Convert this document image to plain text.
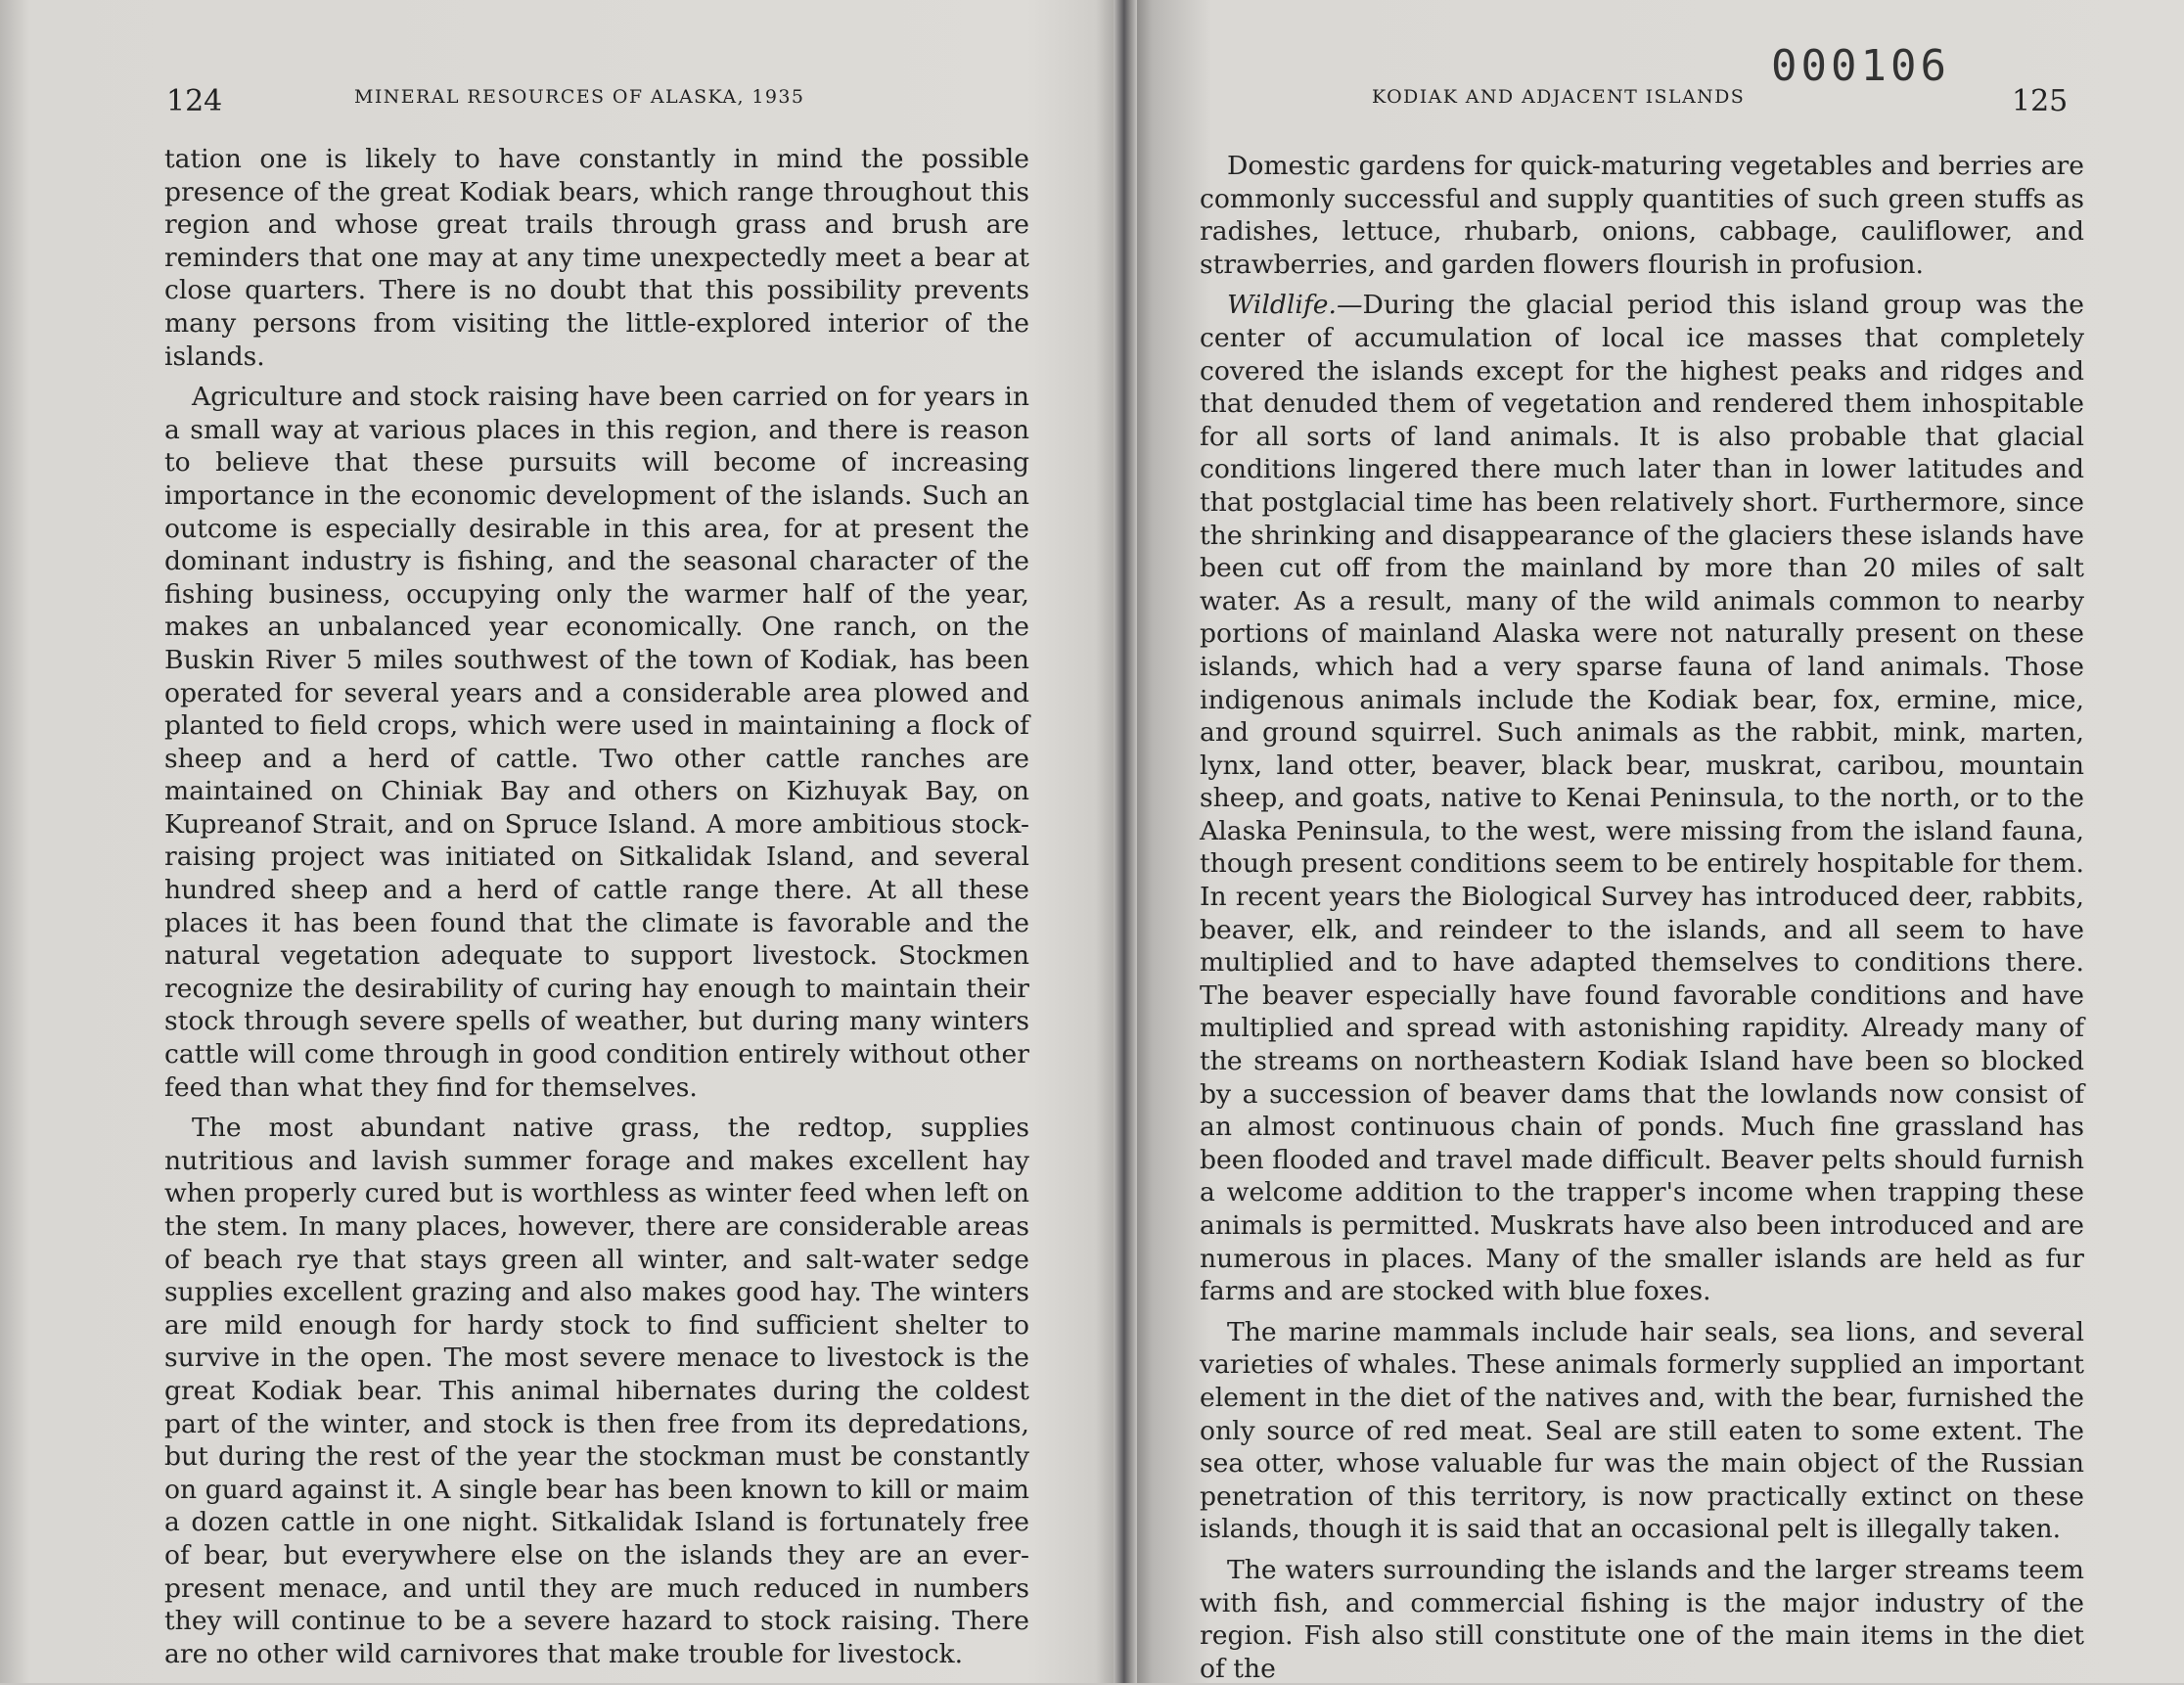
124	MINERAL RESOURCES OF ALASKA, 1935

tation one is likely to have constantly in mind the possible presence of the great Kodiak bears, which range throughout this region and whose great trails through grass and brush are reminders that one may at any time unexpectedly meet a bear at close quarters. There is no doubt that this possibility prevents many persons from visiting the little-explored interior of the islands.

Agriculture and stock raising have been carried on for years in a small way at various places in this region, and there is reason to believe that these pursuits will become of increasing importance in the economic development of the islands. Such an outcome is especially desirable in this area, for at present the dominant industry is fishing, and the seasonal character of the fishing business, occupying only the warmer half of the year, makes an unbalanced year economically. One ranch, on the Buskin River 5 miles southwest of the town of Kodiak, has been operated for several years and a considerable area plowed and planted to field crops, which were used in maintaining a flock of sheep and a herd of cattle. Two other cattle ranches are maintained on Chiniak Bay and others on Kizhuyak Bay, on Kupreanof Strait, and on Spruce Island. A more ambitious stock-raising project was initiated on Sitkalidak Island, and several hundred sheep and a herd of cattle range there. At all these places it has been found that the climate is favorable and the natural vegetation adequate to support livestock. Stockmen recognize the desirability of curing hay enough to maintain their stock through severe spells of weather, but during many winters cattle will come through in good condition entirely without other feed than what they find for themselves.

The most abundant native grass, the redtop, supplies nutritious and lavish summer forage and makes excellent hay when properly cured but is worthless as winter feed when left on the stem. In many places, however, there are considerable areas of beach rye that stays green all winter, and salt-water sedge supplies excellent grazing and also makes good hay. The winters are mild enough for hardy stock to find sufficient shelter to survive in the open. The most severe menace to livestock is the great Kodiak bear. This animal hibernates during the coldest part of the winter, and stock is then free from its depredations, but during the rest of the year the stockman must be constantly on guard against it. A single bear has been known to kill or maim a dozen cattle in one night. Sitkalidak Island is fortunately free of bear, but everywhere else on the islands they are an ever-present menace, and until they are much reduced in numbers they will continue to be a severe hazard to stock raising. There are no other wild carnivores that make trouble for livestock.

000106
KODIAK AND ADJACENT ISLANDS	125

Domestic gardens for quick-maturing vegetables and berries are commonly successful and supply quantities of such green stuffs as radishes, lettuce, rhubarb, onions, cabbage, cauliflower, and strawberries, and garden flowers flourish in profusion.

Wildlife.—During the glacial period this island group was the center of accumulation of local ice masses that completely covered the islands except for the highest peaks and ridges and that denuded them of vegetation and rendered them inhospitable for all sorts of land animals. It is also probable that glacial conditions lingered there much later than in lower latitudes and that postglacial time has been relatively short. Furthermore, since the shrinking and disappearance of the glaciers these islands have been cut off from the mainland by more than 20 miles of salt water. As a result, many of the wild animals common to nearby portions of mainland Alaska were not naturally present on these islands, which had a very sparse fauna of land animals. Those indigenous animals include the Kodiak bear, fox, ermine, mice, and ground squirrel. Such animals as the rabbit, mink, marten, lynx, land otter, beaver, black bear, muskrat, caribou, mountain sheep, and goats, native to Kenai Peninsula, to the north, or to the Alaska Peninsula, to the west, were missing from the island fauna, though present conditions seem to be entirely hospitable for them. In recent years the Biological Survey has introduced deer, rabbits, beaver, elk, and reindeer to the islands, and all seem to have multiplied and to have adapted themselves to conditions there. The beaver especially have found favorable conditions and have multiplied and spread with astonishing rapidity. Already many of the streams on northeastern Kodiak Island have been so blocked by a succession of beaver dams that the lowlands now consist of an almost continuous chain of ponds. Much fine grassland has been flooded and travel made difficult. Beaver pelts should furnish a welcome addition to the trapper's income when trapping these animals is permitted. Muskrats have also been introduced and are numerous in places. Many of the smaller islands are held as fur farms and are stocked with blue foxes.

The marine mammals include hair seals, sea lions, and several varieties of whales. These animals formerly supplied an important element in the diet of the natives and, with the bear, furnished the only source of red meat. Seal are still eaten to some extent. The sea otter, whose valuable fur was the main object of the Russian penetration of this territory, is now practically extinct on these islands, though it is said that an occasional pelt is illegally taken.

The waters surrounding the islands and the larger streams teem with fish, and commercial fishing is the major industry of the region. Fish also still constitute one of the main items in the diet of the
